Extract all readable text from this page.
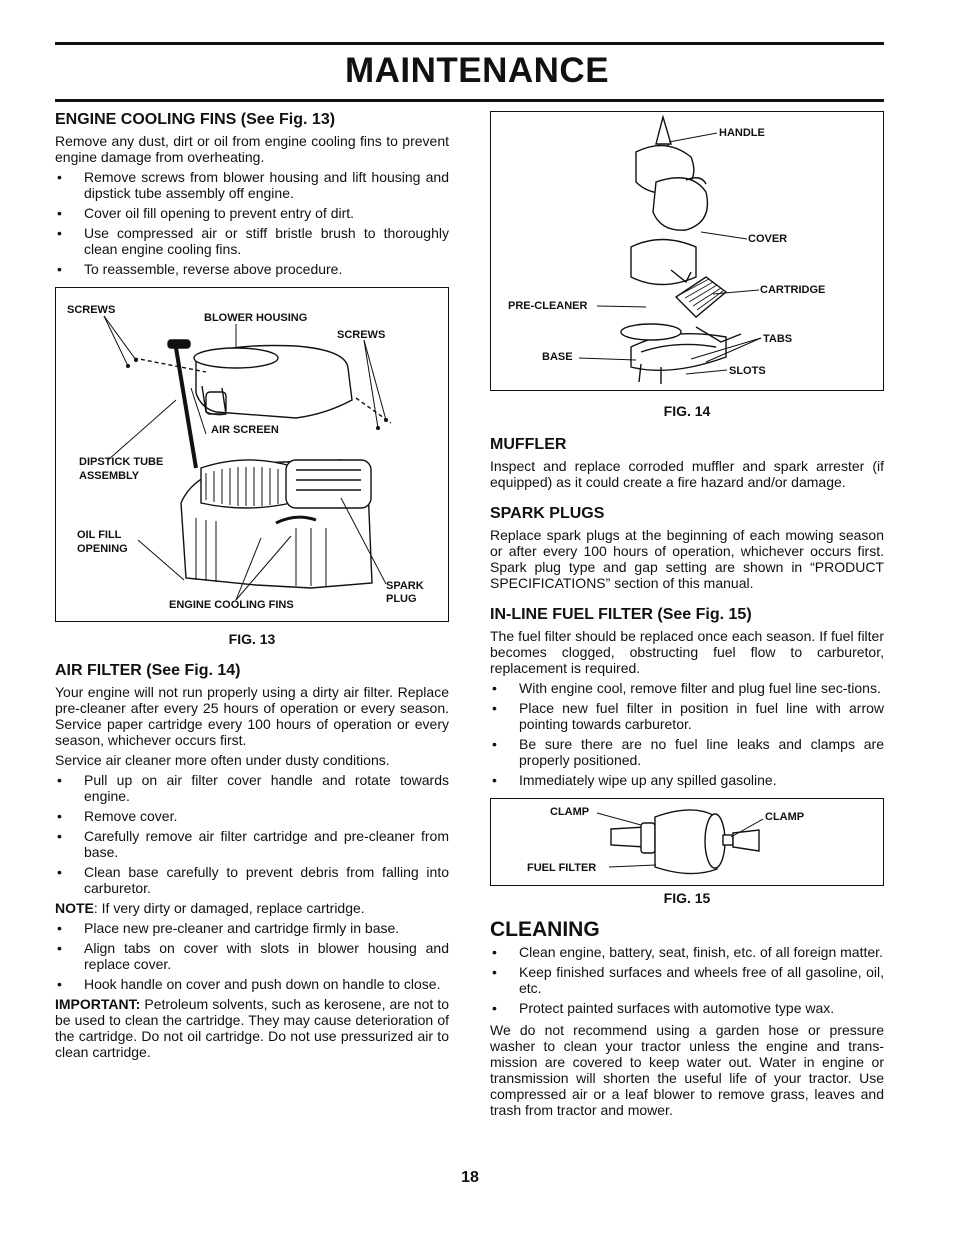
MAINTENANCE
ENGINE COOLING FINS (See Fig. 13)

Remove any dust, dirt or oil from engine cooling fins to prevent engine damage from overheating.

• Remove screws from blower housing and lift housing and dipstick tube assembly off engine.
• Cover oil fill opening to prevent entry of dirt.
• Use compressed air or stiff bristle brush to thoroughly clean engine cooling fins.
• To reassemble, reverse above procedure.
SCREWS
BLOWER HOUSING
SCREWS
AIR SCREEN
DIPSTICK TUBE
ASSEMBLY
OIL FILL
OPENING
SPARK
PLUG
ENGINE COOLING FINS
FIG. 13
AIR FILTER (See Fig. 14)

Your engine will not run properly using a dirty air filter. Replace pre-cleaner after every 25 hours of operation or every season. Service paper cartridge every 100 hours of operation or every season, whichever occurs first.

Service air cleaner more often under dusty conditions.

• Pull up on air filter cover handle and rotate towards engine.
• Remove cover.
• Carefully remove air filter cartridge and pre-cleaner from base.
• Clean base carefully to prevent debris from falling into carburetor.

NOTE: If very dirty or damaged, replace cartridge.

• Place new pre-cleaner and cartridge firmly in base.
• Align tabs on cover with slots in blower housing and replace cover.
• Hook handle on cover and push down on handle to close.

IMPORTANT: Petroleum solvents, such as kerosene, are not to be used to clean the cartridge. They may cause deterioration of the cartridge. Do not oil cartridge. Do not use pressurized air to clean cartridge.

HANDLE
COVER
CARTRIDGE
PRE-CLEANER
TABS
BASE
SLOTS
FIG. 14
MUFFLER

Inspect and replace corroded muffler and spark arrester (if equipped) as it could create a fire hazard and/or damage.

SPARK PLUGS

Replace spark plugs at the beginning of each mowing season or after every 100 hours of operation, whichever occurs first. Spark plug type and gap setting are shown in “PRODUCT SPECIFICATIONS” section of this manual.

IN-LINE FUEL FILTER (See Fig. 15)

The fuel filter should be replaced once each season. If fuel filter becomes clogged, obstructing fuel flow to carburetor, replacement is required.

• With engine cool, remove filter and plug fuel line sec-tions.
• Place new fuel filter in position in fuel line with arrow pointing towards carburetor.
• Be sure there are no fuel line leaks and clamps are properly positioned.
• Immediately wipe up any spilled gasoline.
CLAMP	CLAMP
FUEL FILTER
FIG. 15
CLEANING
• Clean engine, battery, seat, finish, etc. of all foreign matter.
• Keep finished surfaces and wheels free of all gasoline, oil, etc.
• Protect painted surfaces with automotive type wax.

We do not recommend using a garden hose or pressure washer to clean your tractor unless the engine and trans-mission are covered to keep water out. Water in engine or transmission will shorten the useful life of your tractor. Use compressed air or a leaf blower to remove grass, leaves and trash from tractor and mower.

18
